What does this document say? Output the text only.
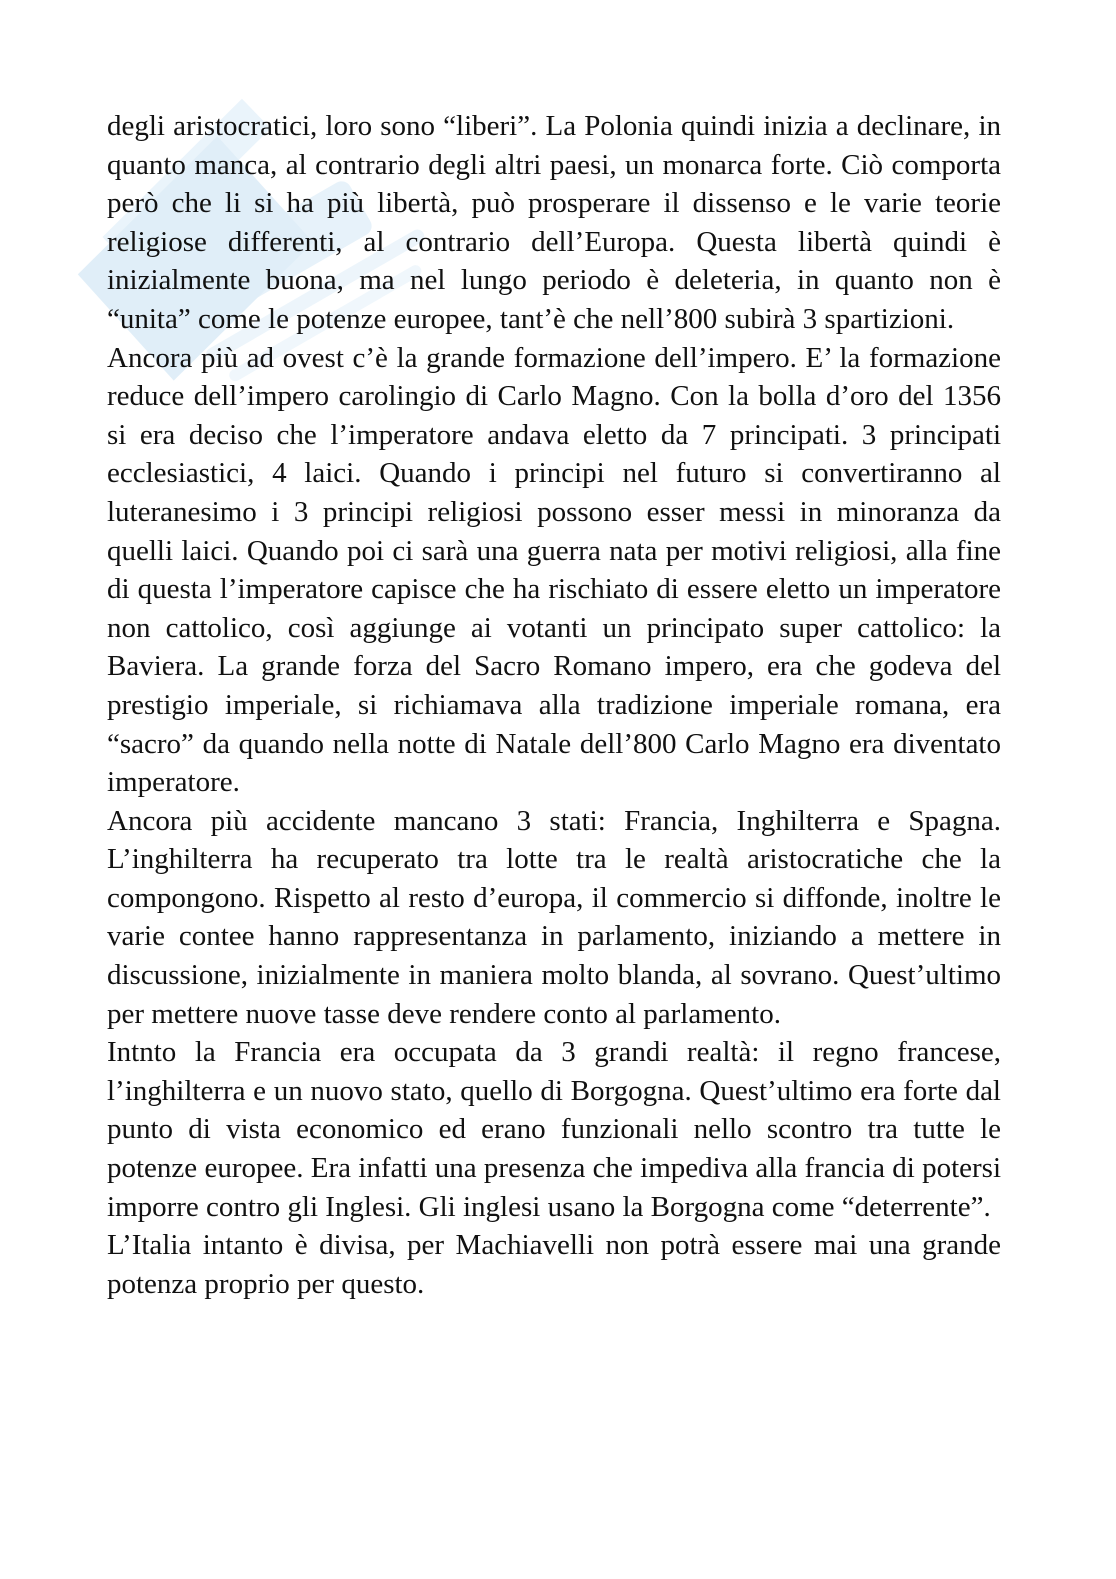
degli aristocratici, loro sono “liberi”. La Polonia quindi inizia a declinare, in quanto manca, al contrario degli altri paesi, un monarca forte. Ciò comporta però che li si ha più libertà, può prosperare il dissenso e le varie teorie religiose differenti, al contrario dell’Europa. Questa libertà quindi è inizialmente buona, ma nel lungo periodo è deleteria, in quanto non è “unita” come le potenze europee, tant’è che nell’800 subirà 3 spartizioni.

Ancora più ad ovest c’è la grande formazione dell’impero. E’ la formazione reduce dell’impero carolingio di Carlo Magno. Con la bolla d’oro del 1356 si era deciso che l’imperatore andava eletto da 7 principati. 3 principati ecclesiastici, 4 laici. Quando i principi nel futuro si convertiranno al luteranesimo i 3 principi religiosi possono esser messi in minoranza da quelli laici. Quando poi ci sarà una guerra nata per motivi religiosi, alla fine di questa l’imperatore capisce che ha rischiato di essere eletto un imperatore non cattolico, così aggiunge ai votanti un principato super cattolico: la Baviera. La grande forza del Sacro Romano impero, era che godeva del prestigio imperiale, si richiamava alla tradizione imperiale romana, era “sacro” da quando nella notte di Natale dell’800 Carlo Magno era diventato imperatore.

Ancora più accidente mancano 3 stati: Francia, Inghilterra e Spagna. L’inghilterra ha recuperato tra lotte tra le realtà aristocratiche che la compongono. Rispetto al resto d’europa, il commercio si diffonde, inoltre le varie contee hanno rappresentanza in parlamento, iniziando a mettere in discussione, inizialmente in maniera molto blanda, al sovrano. Quest’ultimo per mettere nuove tasse deve rendere conto al parlamento.

Intnto la Francia era occupata da 3 grandi realtà: il regno francese, l’inghilterra e un nuovo stato, quello di Borgogna. Quest’ultimo era forte dal punto di vista economico ed erano funzionali nello scontro tra tutte le potenze europee. Era infatti una presenza che impediva alla francia di potersi imporre contro gli Inglesi. Gli inglesi usano la Borgogna come “deterrente”.

L’Italia intanto è divisa, per Machiavelli non potrà essere mai una grande potenza proprio per questo.
